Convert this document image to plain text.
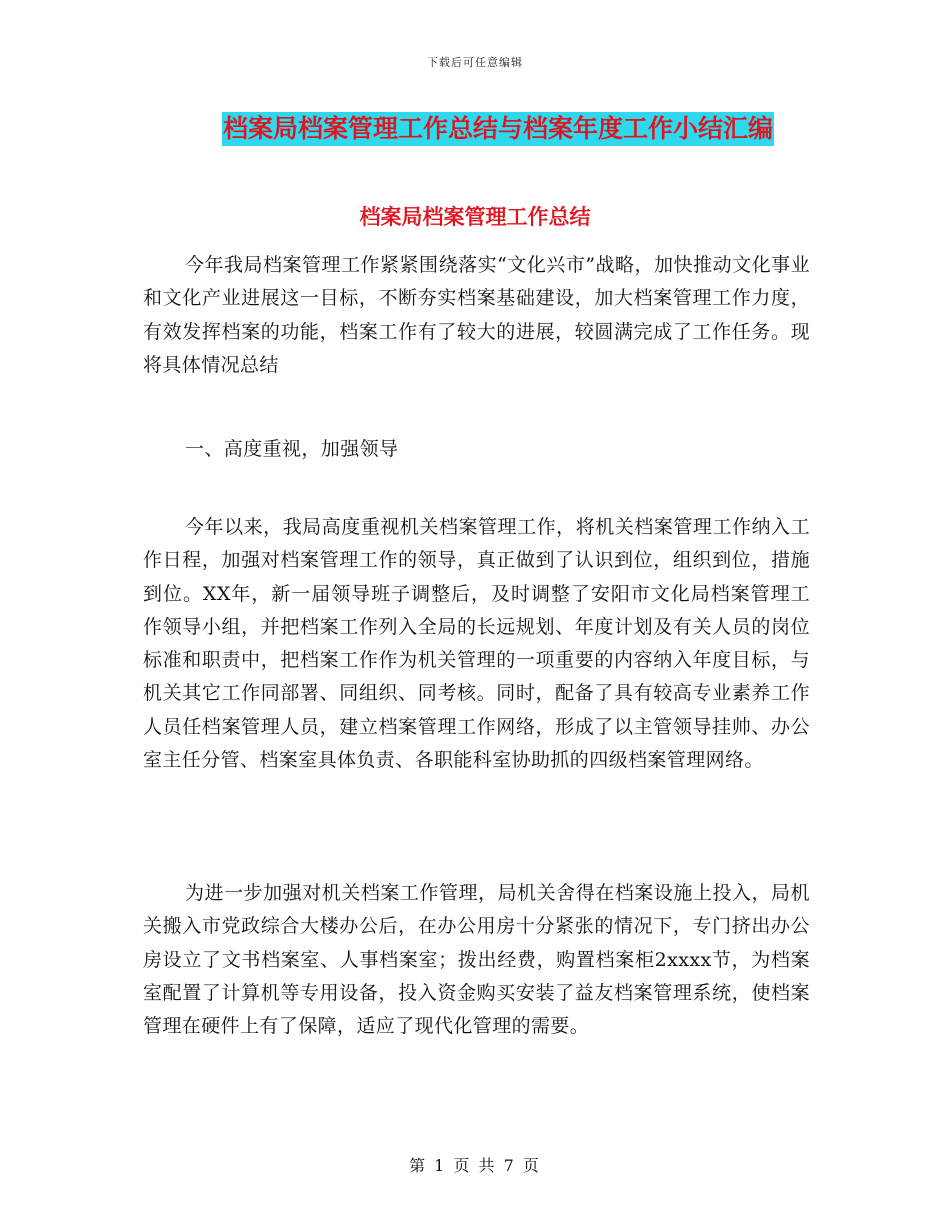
下载后可任意编辑
档案局档案管理工作总结与档案年度工作小结汇编
档案局档案管理工作总结
今年我局档案管理工作紧紧围绕落实“文化兴市”战略，加快推动文化事业和文化产业进展这一目标，不断夯实档案基础建设，加大档案管理工作力度，有效发挥档案的功能，档案工作有了较大的进展，较圆满完成了工作任务。现将具体情况总结
一、高度重视，加强领导
今年以来，我局高度重视机关档案管理工作，将机关档案管理工作纳入工作日程，加强对档案管理工作的领导，真正做到了认识到位，组织到位，措施到位。XX年，新一届领导班子调整后，及时调整了安阳市文化局档案管理工作领导小组，并把档案工作列入全局的长远规划、年度计划及有关人员的岗位标准和职责中，把档案工作作为机关管理的一项重要的内容纳入年度目标，与机关其它工作同部署、同组织、同考核。同时，配备了具有较高专业素养工作人员任档案管理人员，建立档案管理工作网络，形成了以主管领导挂帅、办公室主任分管、档案室具体负责、各职能科室协助抓的四级档案管理网络。
为进一步加强对机关档案工作管理，局机关舍得在档案设施上投入，局机关搬入市党政综合大楼办公后，在办公用房十分紧张的情况下，专门挤出办公房设立了文书档案室、人事档案室；拨出经费，购置档案柜2xxxx节，为档案室配置了计算机等专用设备，投入资金购买安装了益友档案管理系统，使档案管理在硬件上有了保障，适应了现代化管理的需要。
第 1 页 共 7 页
